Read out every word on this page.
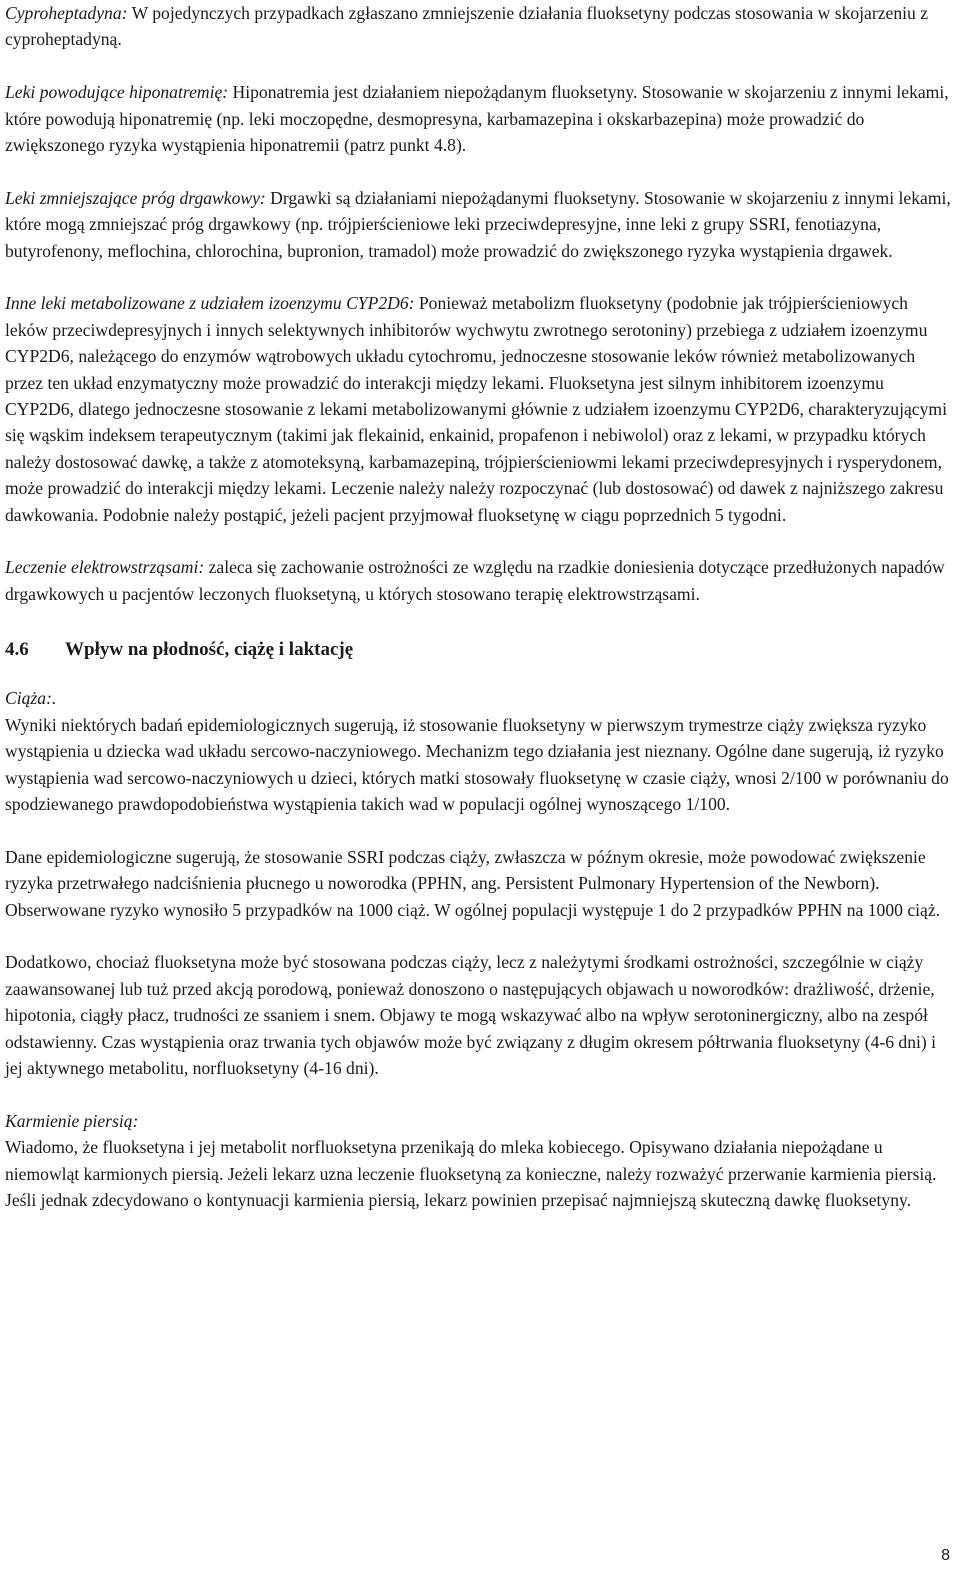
Cyproheptadyna: W pojedynczych przypadkach zgłaszano zmniejszenie działania fluoksetyny podczas stosowania w skojarzeniu z cyproheptadyną.

Leki powodujące hiponatremię: Hiponatremia jest działaniem niepożądanym fluoksetyny. Stosowanie w skojarzeniu z innymi lekami, które powodują hiponatremię (np. leki moczopędne, desmopresyna, karbamazepina i okskarbazepina) może prowadzić do zwiększonego ryzyka wystąpienia hiponatremii (patrz punkt 4.8).

Leki zmniejszające próg drgawkowy: Drgawki są działaniami niepożądanymi fluoksetyny. Stosowanie w skojarzeniu z innymi lekami, które mogą zmniejszać próg drgawkowy (np. trójpierścieniowe leki przeciwdepresyjne, inne leki z grupy SSRI, fenotiazyna, butyrofenony, meflochina, chlorochina, bupronion, tramadol) może prowadzić do zwiększonego ryzyka wystąpienia drgawek.

Inne leki metabolizowane z udziałem izoenzymu CYP2D6: Ponieważ metabolizm fluoksetyny (podobnie jak trójpierścieniowych leków przeciwdepresyjnych i innych selektywnych inhibitorów wychwytu zwrotnego serotoniny) przebiega z udziałem izoenzymu CYP2D6, należącego do enzymów wątrobowych układu cytochromu, jednoczesne stosowanie leków również metabolizowanych przez ten układ enzymatyczny może prowadzić do interakcji między lekami. Fluoksetyna jest silnym inhibitorem izoenzymu CYP2D6, dlatego jednoczesne stosowanie z lekami metabolizowanymi głównie z udziałem izoenzymu CYP2D6, charakteryzującymi się wąskim indeksem terapeutycznym (takimi jak flekainid, enkainid, propafenon i nebiwolol) oraz z lekami, w przypadku których należy dostosować dawkę, a także z atomoteksyną, karbamazepiną, trójpierścieniowmi lekami przeciwdepresyjnych i rysperydonem, może prowadzić do interakcji między lekami. Leczenie należy należy rozpoczynać (lub dostosować) od dawek z najniższego zakresu dawkowania. Podobnie należy postąpić, jeżeli pacjent przyjmował fluoksetynę w ciągu poprzednich 5 tygodni.

Leczenie elektrowstrząsami: zaleca się zachowanie ostrożności ze względu na rzadkie doniesienia dotyczące przedłużonych napadów drgawkowych u pacjentów leczonych fluoksetyną, u których stosowano terapię elektrowstrząsami.

4.6 Wpływ na płodność, ciążę i laktację

Ciąża:.

Wyniki niektórych badań epidemiologicznych sugerują, iż stosowanie fluoksetyny w pierwszym trymestrze ciąży zwiększa ryzyko wystąpienia u dziecka wad układu sercowo-naczyniowego. Mechanizm tego działania jest nieznany. Ogólne dane sugerują, iż ryzyko wystąpienia wad sercowo-naczyniowych u dzieci, których matki stosowały fluoksetynę w czasie ciąży, wnosi 2/100 w porównaniu do spodziewanego prawdopodobieństwa wystąpienia takich wad w populacji ogólnej wynoszącego 1/100.

Dane epidemiologiczne sugerują, że stosowanie SSRI podczas ciąży, zwłaszcza w późnym okresie, może powodować zwiększenie ryzyka przetrwałego nadciśnienia płucnego u noworodka (PPHN, ang. Persistent Pulmonary Hypertension of the Newborn). Obserwowane ryzyko wynosiło 5 przypadków na 1000 ciąż. W ogólnej populacji występuje 1 do 2 przypadków PPHN na 1000 ciąż.

Dodatkowo, chociaż fluoksetyna może być stosowana podczas ciąży, lecz z należytymi środkami ostrożności, szczególnie w ciąży zaawansowanej lub tuż przed akcją porodową, ponieważ donoszono o następujących objawach u noworodków: drażliwość, drżenie, hipotonia, ciągły płacz, trudności ze ssaniem i snem. Objawy te mogą wskazywać albo na wpływ serotoninergiczny, albo na zespół odstawienny. Czas wystąpienia oraz trwania tych objawów może być związany z długim okresem półtrwania fluoksetyny (4-6 dni) i jej aktywnego metabolitu, norfluoksetyny (4-16 dni).

Karmienie piersią:

Wiadomo, że fluoksetyna i jej metabolit norfluoksetyna przenikają do mleka kobiecego. Opisywano działania niepożądane u niemowląt karmionych piersią. Jeżeli lekarz uzna leczenie fluoksetyną za konieczne, należy rozważyć przerwanie karmienia piersią. Jeśli jednak zdecydowano o kontynuacji karmienia piersią, lekarz powinien przepisać najmniejszą skuteczną dawkę fluoksetyny.

8
